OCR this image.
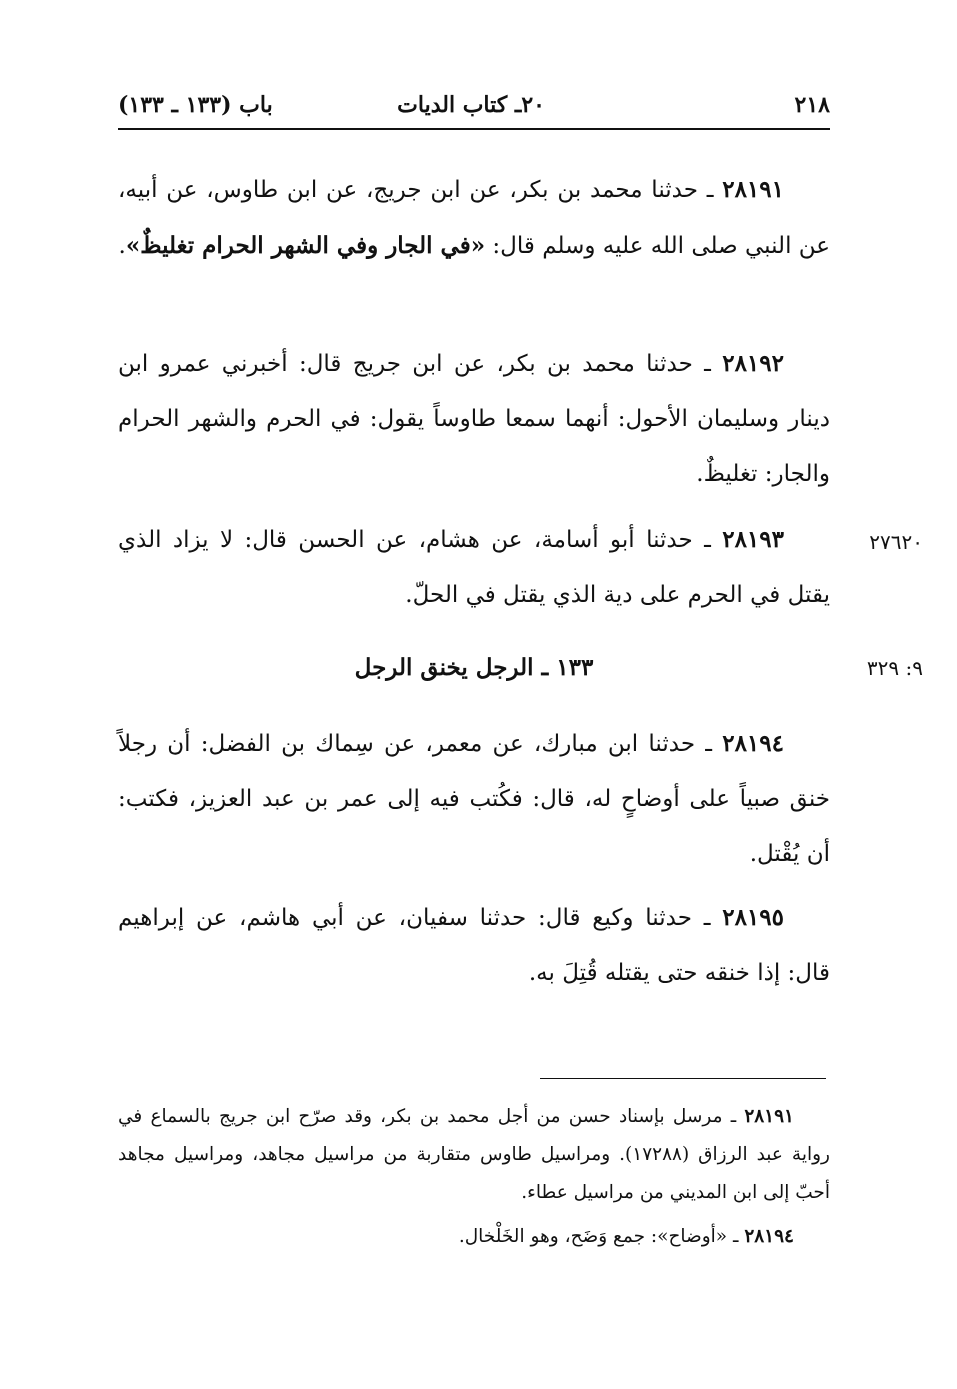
٢١٨
٢٠ـ كتاب الديات
باب (١٣٣ ـ ١٣٣)
٢٨١٩١ ـ حدثنا محمد بن بكر، عن ابن جريج، عن ابن طاوس، عن أبيه، عن النبي صلى الله عليه وسلم قال: «في الجار وفي الشهر الحرام تغليظٌ».
٢٨١٩٢ ـ حدثنا محمد بن بكر، عن ابن جريج قال: أخبرني عمرو ابن دينار وسليمان الأحول: أنهما سمعا طاوساً يقول: في الحرم والشهر الحرام والجار: تغليظٌ.
٢٧٦٢٠
٢٨١٩٣ ـ حدثنا أبو أسامة، عن هشام، عن الحسن قال: لا يزاد الذي يقتل في الحرم على دية الذي يقتل في الحلّ.
٩: ٣٢٩
١٣٣ ـ الرجل يخنق الرجل
٢٨١٩٤ ـ حدثنا ابن مبارك، عن معمر، عن سِماك بن الفضل: أن رجلاً خنق صبياً على أوضاحٍ له، قال: فكُتب فيه إلى عمر بن عبد العزيز، فكتب: أن يُقْتل.
٢٨١٩٥ ـ حدثنا وكيع قال: حدثنا سفيان، عن أبي هاشم، عن إبراهيم قال: إذا خنقه حتى يقتله قُتِلَ به.

٢٨١٩١ ـ مرسل بإسناد حسن من أجل محمد بن بكر، وقد صرّح ابن جريج بالسماع في رواية عبد الرزاق (١٧٢٨٨). ومراسيل طاوس متقاربة من مراسيل مجاهد، ومراسيل مجاهد أحبّ إلى ابن المديني من مراسيل عطاء.

٢٨١٩٤ ـ «أوضاح»: جمع وَضَح، وهو الخَلْخال.
